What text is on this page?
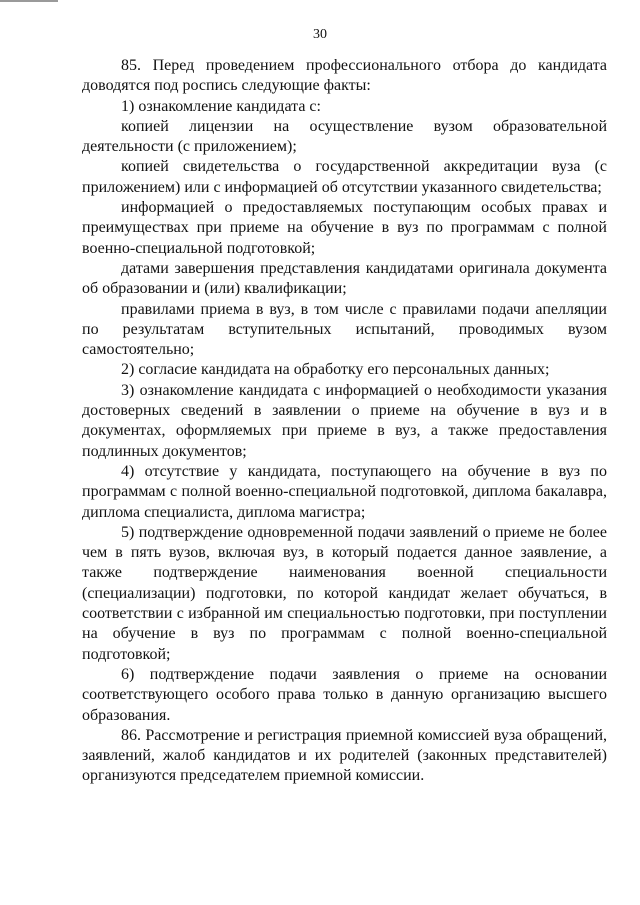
30

85. Перед проведением профессионального отбора до кандидата доводятся под роспись следующие факты:

1) ознакомление кандидата с:

копией лицензии на осуществление вузом образовательной деятельности (с приложением);

копией свидетельства о государственной аккредитации вуза (с приложением) или с информацией об отсутствии указанного свидетельства;

информацией о предоставляемых поступающим особых правах и преимуществах при приеме на обучение в вуз по программам с полной военно-специальной подготовкой;

датами завершения представления кандидатами оригинала документа об образовании и (или) квалификации;

правилами приема в вуз, в том числе с правилами подачи апелляции по результатам вступительных испытаний, проводимых вузом самостоятельно;

2) согласие кандидата на обработку его персональных данных;

3) ознакомление кандидата с информацией о необходимости указания достоверных сведений в заявлении о приеме на обучение в вуз и в документах, оформляемых при приеме в вуз, а также предоставления подлинных документов;

4) отсутствие у кандидата, поступающего на обучение в вуз по программам с полной военно-специальной подготовкой, диплома бакалавра, диплома специалиста, диплома магистра;

5) подтверждение одновременной подачи заявлений о приеме не более чем в пять вузов, включая вуз, в который подается данное заявление, а также подтверждение наименования военной специальности (специализации) подготовки, по которой кандидат желает обучаться, в соответствии с избранной им специальностью подготовки, при поступлении на обучение в вуз по программам с полной военно-специальной подготовкой;

6) подтверждение подачи заявления о приеме на основании соответствующего особого права только в данную организацию высшего образования.

86. Рассмотрение и регистрация приемной комиссией вуза обращений, заявлений, жалоб кандидатов и их родителей (законных представителей) организуются председателем приемной комиссии.
